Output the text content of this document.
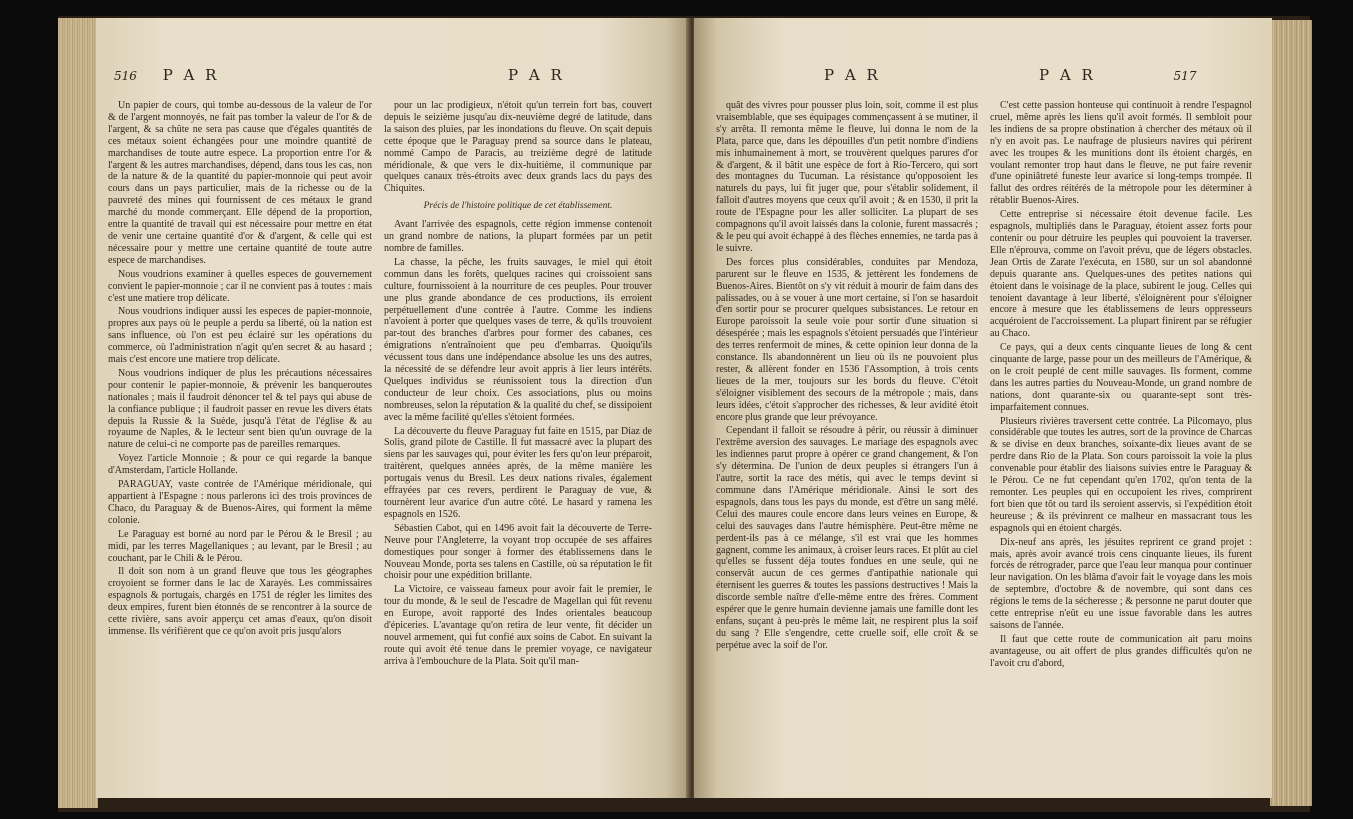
516 P A R	P A R

Un papier de cours, qui tombe au-dessous de la valeur de l'or & de l'argent monnoyés, ne fait pas tomber la valeur de l'or & de l'argent, & sa chûte ne sera pas cause que d'égales quantités de ces métaux soient échangées pour une moindre quantité de marchandises de toute autre espece. La proportion entre l'or & l'argent & les autres marchandises, dépend, dans tous les cas, non de la nature & de la quantité du papier-monnoie qui peut avoir cours dans un pays particulier, mais de la richesse ou de la pauvreté des mines qui fournissent de ces métaux le grand marché du monde commerçant. Elle dépend de la proportion, entre la quantité de travail qui est nécessaire pour mettre en état de venir une certaine quantité d'or & d'argent, & celle qui est nécessaire pour y mettre une certaine quantité de toute autre espece de marchandises.

Nous voudrions examiner à quelles especes de gouvernement convient le papier-monnoie ; car il ne convient pas à toutes : mais c'est une matiere trop délicate.

Nous voudrions indiquer aussi les especes de papier-monnoie, propres aux pays où le peuple a perdu sa liberté, où la nation est sans influence, où l'on est peu éclairé sur les opérations du commerce, où l'administration n'agit qu'en secret & au hasard ; mais c'est encore une matiere trop délicate.

Nous voudrions indiquer de plus les précautions nécessaires pour contenir le papier-monnoie, & prévenir les banqueroutes nationales ; mais il faudroit dénoncer tel & tel pays qui abuse de la confiance publique ; il faudroit passer en revue les divers états depuis la Russie & la Suède, jusqu'à l'état de l'église & au royaume de Naples, & le lecteur sent bien qu'un ouvrage de la nature de celui-ci ne comporte pas de pareilles remarques.

Voyez l'article Monnoie ; & pour ce qui regarde la banque d'Amsterdam, l'article Hollande.

PARAGUAY, vaste contrée de l'Amérique méridionale, qui appartient à l'Espagne : nous parlerons ici des trois provinces de Chaco, du Paraguay & de Buenos-Aires, qui forment la même colonie.

Le Paraguay est borné au nord par le Pérou & le Bresil ; au midi, par les terres Magellaniques ; au levant, par le Bresil ; au couchant, par le Chili & le Pérou.

Il doit son nom à un grand fleuve que tous les géographes croyoient se former dans le lac de Xarayès. Les commissaires espagnols & portugais, chargés en 1751 de régler les limites des deux empires, furent bien étonnés de se rencontrer à la source de cette rivière, sans avoir apperçu cet amas d'eaux, qu'on disoit immense. Ils vérifièrent que ce qu'on avoit pris jusqu'alors

pour un lac prodigieux, n'étoit qu'un terrein fort bas, couvert depuis le seizième jusqu'au dix-neuvième degré de latitude, dans la saison des pluies, par les inondations du fleuve. On sçait depuis cette époque que le Paraguay prend sa source dans le plateau, nommé Campo de Paracis, au treizième degré de latitude méridionale, & que vers le dix-huitième, il communique par quelques canaux très-étroits avec deux grands lacs du pays des Chiquites.

Précis de l'histoire politique de cet établissement.

Avant l'arrivée des espagnols, cette région immense contenoit un grand nombre de nations, la plupart formées par un petit nombre de familles.

La chasse, la pêche, les fruits sauvages, le miel qui étoit commun dans les forêts, quelques racines qui croissoient sans culture, fournissoient à la nourriture de ces peuples. Pour trouver une plus grande abondance de ces productions, ils erroient perpétuellement d'une contrée à l'autre. Comme les indiens n'avoient à porter que quelques vases de terre, & qu'ils trouvoient par-tout des branches d'arbres pour former des cabanes, ces émigrations n'entraînoient que peu d'embarras. Quoiqu'ils vécussent tous dans une indépendance absolue les uns des autres, la nécessité de se défendre leur avoit appris à lier leurs intérêts. Quelques individus se réunissoient tous la direction d'un conducteur de leur choix. Ces associations, plus ou moins nombreuses, selon la réputation & la qualité du chef, se dissipoient avec la même facilité qu'elles s'étoient formées.

La découverte du fleuve Paraguay fut faite en 1515, par Diaz de Solis, grand pilote de Castille. Il fut massacré avec la plupart des siens par les sauvages qui, pour éviter les fers qu'on leur préparoit, traitèrent, quelques années après, de la même manière les portugais venus du Bresil. Les deux nations rivales, également effrayées par ces revers, perdirent le Paraguay de vue, & tournèrent leur avarice d'un autre côté. Le hasard y ramena les espagnols en 1526.

Sébastien Cabot, qui en 1496 avoit fait la découverte de Terre-Neuve pour l'Angleterre, la voyant trop occupée de ses affaires domestiques pour songer à former des établissemens dans le Nouveau Monde, porta ses talens en Castille, où sa réputation le fit choisir pour une expédition brillante.

La Victoire, ce vaisseau fameux pour avoir fait le premier, le tour du monde, & le seul de l'escadre de Magellan qui fût revenu en Europe, avoit rapporté des Indes orientales beaucoup d'épiceries. L'avantage qu'on retira de leur vente, fit décider un nouvel armement, qui fut confié aux soins de Cabot. En suivant la route qui avoit été tenue dans le premier voyage, ce navigateur arriva à l'embouchure de la Plata. Soit qu'il man-

P A R	P A R	517

quât des vivres pour pousser plus loin, soit, comme il est plus vraisemblable, que ses équipages commençassent à se mutiner, il s'y arrêta. Il remonta même le fleuve, lui donna le nom de la Plata, parce que, dans les dépouilles d'un petit nombre d'indiens mis inhumainement à mort, se trouvèrent quelques parures d'or & d'argent, & il bâtit une espèce de fort à Rio-Tercero, qui sort des montagnes du Tucuman. La résistance qu'opposoient les naturels du pays, lui fit juger que, pour s'établir solidement, il falloit d'autres moyens que ceux qu'il avoit ; & en 1530, il prit la route de l'Espagne pour les aller solliciter. La plupart de ses compagnons qu'il avoit laissés dans la colonie, furent massacrés ; & le peu qui avoit échappé à des flèches ennemies, ne tarda pas à le suivre.

Des forces plus considérables, conduites par Mendoza, parurent sur le fleuve en 1535, & jettèrent les fondemens de Buenos-Aires. Bientôt on s'y vit réduit à mourir de faim dans des palissades, ou à se vouer à une mort certaine, si l'on se hasardoit d'en sortir pour se procurer quelques subsistances. Le retour en Europe paroissoit la seule voie pour sortir d'une situation si désespérée ; mais les espagnols s'étoient persuadés que l'intérieur des terres renfermoit de mines, & cette opinion leur donna de la constance. Ils abandonnèrent un lieu où ils ne pouvoient plus rester, & allèrent fonder en 1536 l'Assomption, à trois cents lieues de la mer, toujours sur les bords du fleuve. C'étoit s'éloigner visiblement des secours de la métropole ; mais, dans leurs idées, c'étoit s'approcher des richesses, & leur avidité étoit encore plus grande que leur prévoyance.

Cependant il falloit se résoudre à périr, ou réussir à diminuer l'extrême aversion des sauvages. Le mariage des espagnols avec les indiennes parut propre à opérer ce grand changement, & l'on s'y détermina. De l'union de deux peuples si étrangers l'un à l'autre, sortit la race des métis, qui avec le temps devint si commune dans l'Amérique méridionale. Ainsi le sort des espagnols, dans tous les pays du monde, est d'être un sang mêlé. Celui des maures coule encore dans leurs veines en Europe, & celui des sauvages dans l'autre hémisphère. Peut-être même ne perdent-ils pas à ce mélange, s'il est vrai que les hommes gagnent, comme les animaux, à croiser leurs races. Et plût au ciel qu'elles se fussent déja toutes fondues en une seule, qui ne conservât aucun de ces germes d'antipathie nationale qui éternisent les guerres & toutes les passions destructives ! Mais la discorde semble naître d'elle-même entre des frères. Comment espérer que le genre humain devienne jamais une famille dont les enfans, suçant à peu-près le même lait, ne respirent plus la soif du sang ? Elle s'engendre, cette cruelle soif, elle croît & se perpétue avec la soif de l'or.

C'est cette passion honteuse qui continuoit à rendre l'espagnol cruel, même après les liens qu'il avoit formés. Il sembloit pour les indiens de sa propre obstination à chercher des métaux où il n'y en avoit pas. Le naufrage de plusieurs navires qui périrent avec les troupes & les munitions dont ils étoient chargés, en voulant remonter trop haut dans le fleuve, ne put faire revenir d'une opiniâtreté funeste leur avarice si long-temps trompée. Il fallut des ordres réitérés de la métropole pour les déterminer à rétablir Buenos-Aires.

Cette entreprise si nécessaire étoit devenue facile. Les espagnols, multipliés dans le Paraguay, étoient assez forts pour contenir ou pour détruire les peuples qui pouvoient la traverser. Elle n'éprouva, comme on l'avoit prévu, que de légers obstacles. Jean Ortis de Zarate l'exécuta, en 1580, sur un sol abandonné depuis quarante ans. Quelques-unes des petites nations qui étoient dans le voisinage de la place, subirent le joug. Celles qui tenoient davantage à leur liberté, s'éloignèrent pour s'éloigner encore à mesure que les établissemens de leurs oppresseurs acquéroient de l'accroissement. La plupart finirent par se réfugier au Chaco.

Ce pays, qui a deux cents cinquante lieues de long & cent cinquante de large, passe pour un des meilleurs de l'Amérique, & on le croit peuplé de cent mille sauvages. Ils forment, comme dans les autres parties du Nouveau-Monde, un grand nombre de nations, dont quarante-six ou quarante-sept sont très-imparfaitement connues.

Plusieurs rivières traversent cette contrée. La Pilcomayo, plus considérable que toutes les autres, sort de la province de Charcas & se divise en deux branches, soixante-dix lieues avant de se perdre dans Rio de la Plata. Son cours paroissoit la voie la plus convenable pour établir des liaisons suivies entre le Paraguay & le Pérou. Ce ne fut cependant qu'en 1702, qu'on tenta de la remonter. Les peuples qui en occupoient les rives, comprirent fort bien que tôt ou tard ils seroient asservis, si l'expédition étoit heureuse ; & ils prévinrent ce malheur en massacrant tous les espagnols qui en étoient chargés.

Dix-neuf ans après, les jésuites reprirent ce grand projet : mais, après avoir avancé trois cens cinquante lieues, ils furent forcés de rétrograder, parce que l'eau leur manqua pour continuer leur navigation. On les blâma d'avoir fait le voyage dans les mois de septembre, d'octobre & de novembre, qui sont dans ces régions le tems de la sécheresse ; & personne ne parut douter que cette entreprise n'eût eu une issue favorable dans les autres saisons de l'année.

Il faut que cette route de communication ait paru moins avantageuse, ou ait offert de plus grandes difficultés qu'on ne l'avoit cru d'abord,
